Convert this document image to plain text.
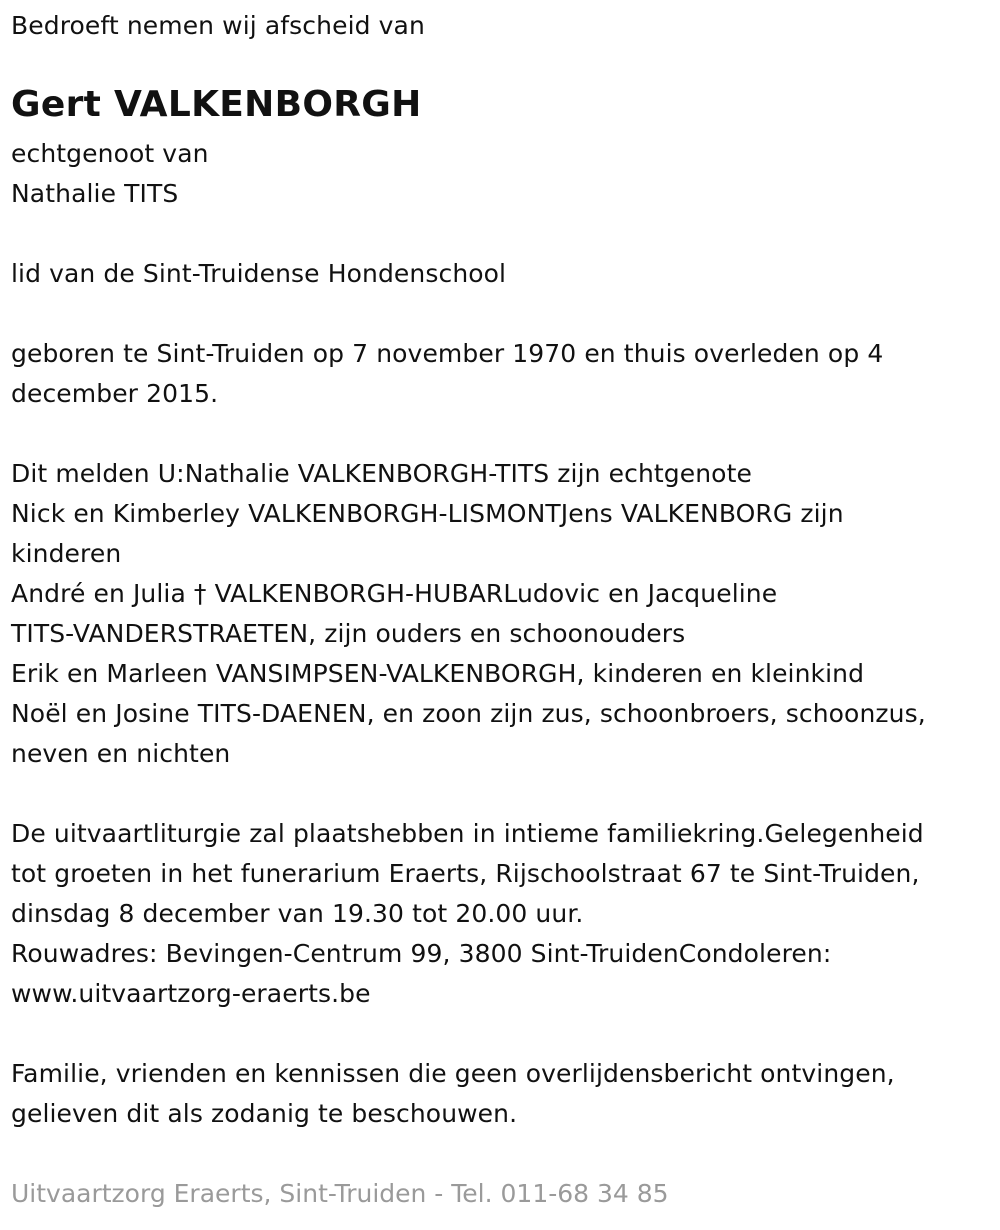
Bedroeft nemen wij afscheid van
Gert VALKENBORGH
echtgenoot van
Nathalie TITS
lid van de Sint-Truidense Hondenschool
geboren te Sint-Truiden op 7 november 1970 en thuis overleden op 4
december 2015.
Dit melden U:Nathalie VALKENBORGH-TITS zijn echtgenote
Nick en Kimberley VALKENBORGH-LISMONTJens VALKENBORG zijn
kinderen
André en Julia † VALKENBORGH-HUBARLudovic en Jacqueline
TITS-VANDERSTRAETEN, zijn ouders en schoonouders
Erik en Marleen VANSIMPSEN-VALKENBORGH, kinderen en kleinkind
Noël en Josine TITS-DAENEN, en zoon zijn zus, schoonbroers, schoonzus,
neven en nichten
De uitvaartliturgie zal plaatshebben in intieme familiekring.Gelegenheid
tot groeten in het funerarium Eraerts, Rijschoolstraat 67 te Sint-Truiden,
dinsdag 8 december van 19.30 tot 20.00 uur.
Rouwadres: Bevingen-Centrum 99, 3800 Sint-TruidenCondoleren:
www.uitvaartzorg-eraerts.be
Familie, vrienden en kennissen die geen overlijdensbericht ontvingen,
gelieven dit als zodanig te beschouwen.
Uitvaartzorg Eraerts, Sint-Truiden - Tel. 011-68 34 85
